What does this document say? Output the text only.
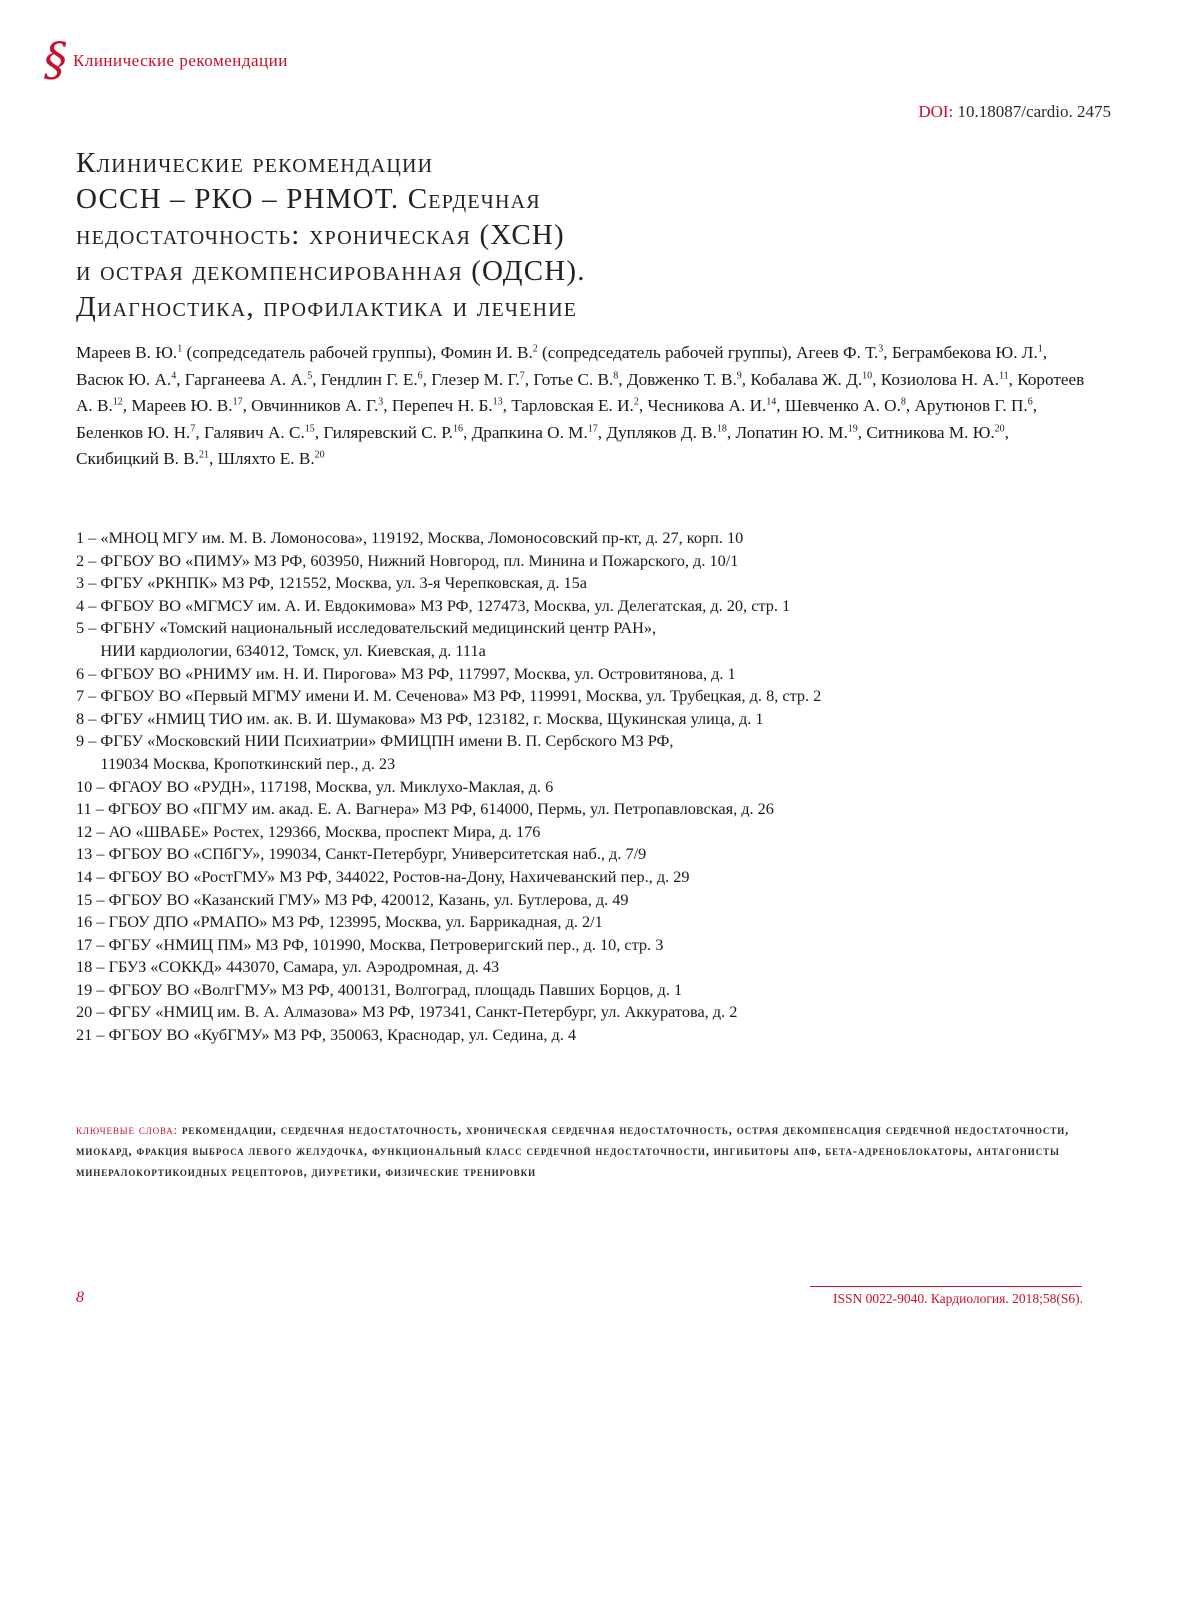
§ Клинические рекомендации
DOI: 10.18087/cardio. 2475
Клинические рекомендации
ОССН – РКО – РНМОТ. Сердечная
недостаточность: хроническая (ХСН)
и острая декомпенсированная (ОДСН).
Диагностика, профилактика и лечение

Мареев В. Ю.$^1$ (сопредседатель рабочей группы), Фомин И. В.$^2$ (сопредседатель рабочей группы), Агеев Ф. Т.$^3$, Беграмбекова Ю. Л.$^1$, Васюк Ю. А.$^4$, Гарганеева А. А.$^5$, Гендлин Г. Е.$^6$, Глезер М. Г.$^7$, Готье С. В.$^8$, Довженко Т. В.$^9$, Кобалава Ж. Д.$^{10}$, Козиолова Н. А.$^{11}$, Коротеев А. В.$^{12}$, Мареев Ю. В.$^{17}$, Овчинников А. Г.$^3$, Перепеч Н. Б.$^{13}$, Тарловская Е. И.$^2$, Чесникова А. И.$^{14}$, Шевченко А. О.$^8$, Арутюнов Г. П.$^6$, Беленков Ю. Н.$^7$, Галявич А. С.$^{15}$, Гиляревский С. Р.$^{16}$, Драпкина О. М.$^{17}$, Дупляков Д. В.$^{18}$, Лопатин Ю. М.$^{19}$, Ситникова М. Ю.$^{20}$, Скибицкий В. В.$^{21}$, Шляхто Е. В.$^{20}$

1 – «МНОЦ МГУ им. М. В. Ломоносова», 119192, Москва, Ломоносовский пр-кт, д. 27, корп. 10
2 – ФГБОУ ВО «ПИМУ» МЗ РФ, 603950, Нижний Новгород, пл. Минина и Пожарского, д. 10/1
3 – ФГБУ «РКНПК» МЗ РФ, 121552, Москва, ул. 3-я Черепковская, д. 15а
4 – ФГБОУ ВО «МГМСУ им. А. И. Евдокимова» МЗ РФ, 127473, Москва, ул. Делегатская, д. 20, стр. 1
5 – ФГБНУ «Томский национальный исследовательский медицинский центр РАН»,
НИИ кардиологии, 634012, Томск, ул. Киевская, д. 111а
6 – ФГБОУ ВО «РНИМУ им. Н. И. Пирогова» МЗ РФ, 117997, Москва, ул. Островитянова, д. 1
7 – ФГБОУ ВО «Первый МГМУ имени И. М. Сеченова» МЗ РФ, 119991, Москва, ул. Трубецкая, д. 8, стр. 2
8 – ФГБУ «НМИЦ ТИО им. ак. В. И. Шумакова» МЗ РФ, 123182, г. Москва, Щукинская улица, д. 1
9 – ФГБУ «Московский НИИ Психиатрии» ФМИЦПН имени В. П. Сербского МЗ РФ,
119034 Москва, Кропоткинский пер., д. 23
10 – ФГАОУ ВО «РУДН», 117198, Москва, ул. Миклухо-Маклая, д. 6
11 – ФГБОУ ВО «ПГМУ им. акад. Е. А. Вагнера» МЗ РФ, 614000, Пермь, ул. Петропавловская, д. 26
12 – АО «ШВАБЕ» Ростех, 129366, Москва, проспект Мира, д. 176
13 – ФГБОУ ВО «СПбГУ», 199034, Санкт-Петербург, Университетская наб., д. 7/9
14 – ФГБОУ ВО «РостГМУ» МЗ РФ, 344022, Ростов-на-Дону, Нахичеванский пер., д. 29
15 – ФГБОУ ВО «Казанский ГМУ» МЗ РФ, 420012, Казань, ул. Бутлерова, д. 49
16 – ГБОУ ДПО «РМАПО» МЗ РФ, 123995, Москва, ул. Баррикадная, д. 2/1
17 – ФГБУ «НМИЦ ПМ» МЗ РФ, 101990, Москва, Петроверигский пер., д. 10, стр. 3
18 – ГБУЗ «СОККД» 443070, Самара, ул. Аэродромная, д. 43
19 – ФГБОУ ВО «ВолгГМУ» МЗ РФ, 400131, Волгоград, площадь Павших Борцов, д. 1
20 – ФГБУ «НМИЦ им. В. А. Алмазова» МЗ РФ, 197341, Санкт-Петербург, ул. Аккуратова, д. 2
21 – ФГБОУ ВО «КубГМУ» МЗ РФ, 350063, Краснодар, ул. Седина, д. 4
ключевые слова: рекомендации, сердечная недостаточность, хроническая сердечная недостаточность, острая декомпенсация сердечной недостаточности, миокард, фракция выброса левого желудочка, функциональный класс сердечной недостаточности, ингибиторы апф, бета-адреноблокаторы, антагонисты минералокортикоидных рецепторов, диуретики, физические тренировки
8	ISSN 0022-9040. Кардиология. 2018;58(S6).
